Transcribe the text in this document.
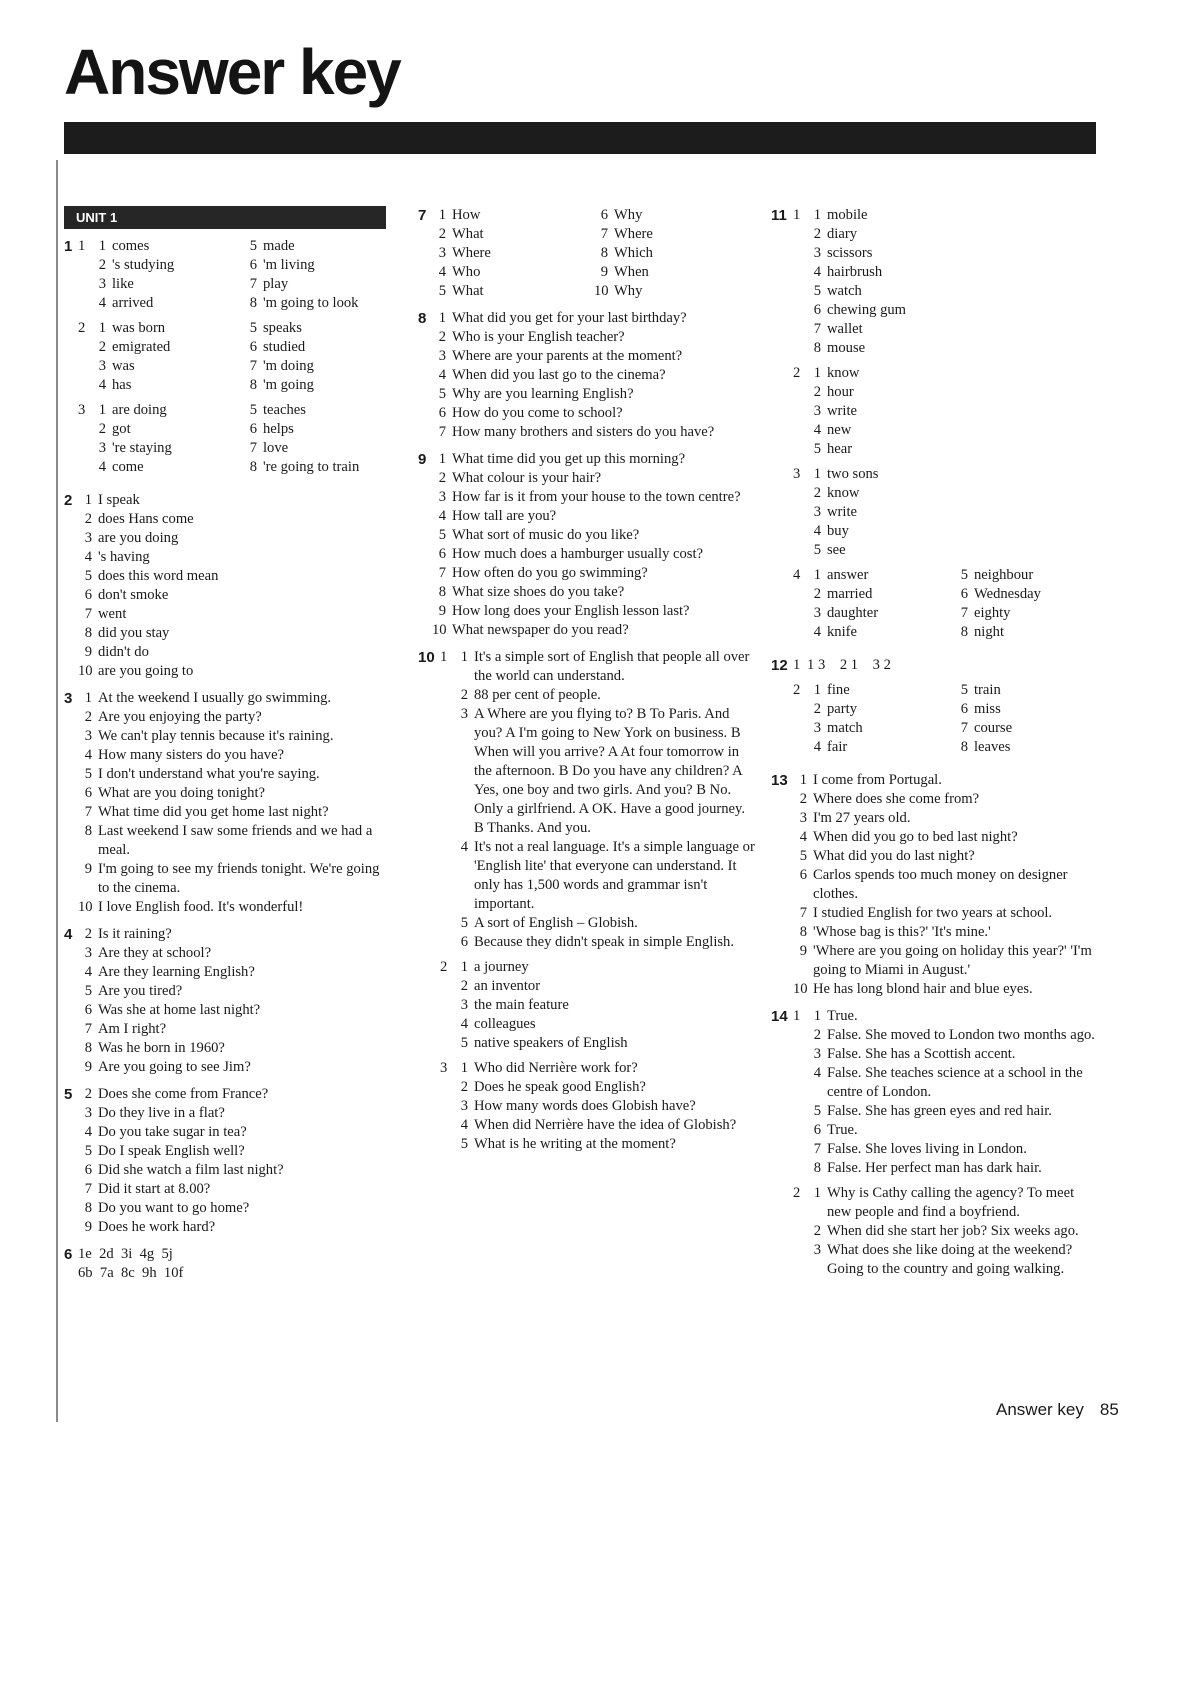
Answer key
UNIT 1
1 1 1 comes
2 's studying
3 like
4 arrived
5 made
6 'm living
7 play
8 'm going to look
2 1 was born
2 emigrated
3 was
4 has
5 speaks
6 studied
7 'm doing
8 'm going
3 1 are doing
2 got
3 're staying
4 come
5 teaches
6 helps
7 love
8 're going to train
2 1 I speak
2 does Hans come
3 are you doing
4 's having
5 does this word mean
6 don't smoke
7 went
8 did you stay
9 didn't do
10 are you going to
3 1 At the weekend I usually go swimming.
2 Are you enjoying the party?
3 We can't play tennis because it's raining.
4 How many sisters do you have?
5 I don't understand what you're saying.
6 What are you doing tonight?
7 What time did you get home last night?
8 Last weekend I saw some friends and we had a meal.
9 I'm going to see my friends tonight. We're going to the cinema.
10 I love English food. It's wonderful!
4 2 Is it raining?
3 Are they at school?
4 Are they learning English?
5 Are you tired?
6 Was she at home last night?
7 Am I right?
8 Was he born in 1960?
9 Are you going to see Jim?
5 2 Does she come from France?
3 Do they live in a flat?
4 Do you take sugar in tea?
5 Do I speak English well?
6 Did she watch a film last night?
7 Did it start at 8.00?
8 Do you want to go home?
9 Does he work hard?
6 1e  2d  3i  4g  5j
6b  7a  8c  9h  10f
7 1 How
2 What
3 Where
4 Who
5 What
6 Why
7 Where
8 Which
9 When
10 Why
8 1 What did you get for your last birthday?
2 Who is your English teacher?
3 Where are your parents at the moment?
4 When did you last go to the cinema?
5 Why are you learning English?
6 How do you come to school?
7 How many brothers and sisters do you have?
9 1 What time did you get up this morning?
2 What colour is your hair?
3 How far is it from your house to the town centre?
4 How tall are you?
5 What sort of music do you like?
6 How much does a hamburger usually cost?
7 How often do you go swimming?
8 What size shoes do you take?
9 How long does your English lesson last?
10 What newspaper do you read?
10 1 1 It's a simple sort of English that people all over the world can understand.
2 88 per cent of people.
3 A Where are you flying to? B To Paris. And you? A I'm going to New York on business. B When will you arrive? A At four tomorrow in the afternoon. B Do you have any children? A Yes, one boy and two girls. And you? B No. Only a girlfriend. A OK. Have a good journey. B Thanks. And you.
4 It's not a real language. It's a simple language or 'English lite' that everyone can understand. It only has 1,500 words and grammar isn't important.
5 A sort of English – Globish.
6 Because they didn't speak in simple English.
2 1 a journey
2 an inventor
3 the main feature
4 colleagues
5 native speakers of English
3 1 Who did Nerrière work for?
2 Does he speak good English?
3 How many words does Globish have?
4 When did Nerrière have the idea of Globish?
5 What is he writing at the moment?
11 1 1 mobile
2 diary
3 scissors
4 hairbrush
5 watch
6 chewing gum
7 wallet
8 mouse
2 1 know
2 hour
3 write
4 new
5 hear
3 1 two sons
2 know
3 write
4 buy
5 see
4 1 answer
2 married
3 daughter
4 knife
5 neighbour
6 Wednesday
7 eighty
8 night
12 1 1 3    2 1    3 2
2 1 fine
2 party
3 match
4 fair
5 train
6 miss
7 course
8 leaves
13 1 I come from Portugal.
2 Where does she come from?
3 I'm 27 years old.
4 When did you go to bed last night?
5 What did you do last night?
6 Carlos spends too much money on designer clothes.
7 I studied English for two years at school.
8 'Whose bag is this?' 'It's mine.'
9 'Where are you going on holiday this year?' 'I'm going to Miami in August.'
10 He has long blond hair and blue eyes.
14 1 1 True.
2 False. She moved to London two months ago.
3 False. She has a Scottish accent.
4 False. She teaches science at a school in the centre of London.
5 False. She has green eyes and red hair.
6 True.
7 False. She loves living in London.
8 False. Her perfect man has dark hair.
2 1 Why is Cathy calling the agency? To meet new people and find a boyfriend.
2 When did she start her job? Six weeks ago.
3 What does she like doing at the weekend? Going to the country and going walking.
Answer key 85
